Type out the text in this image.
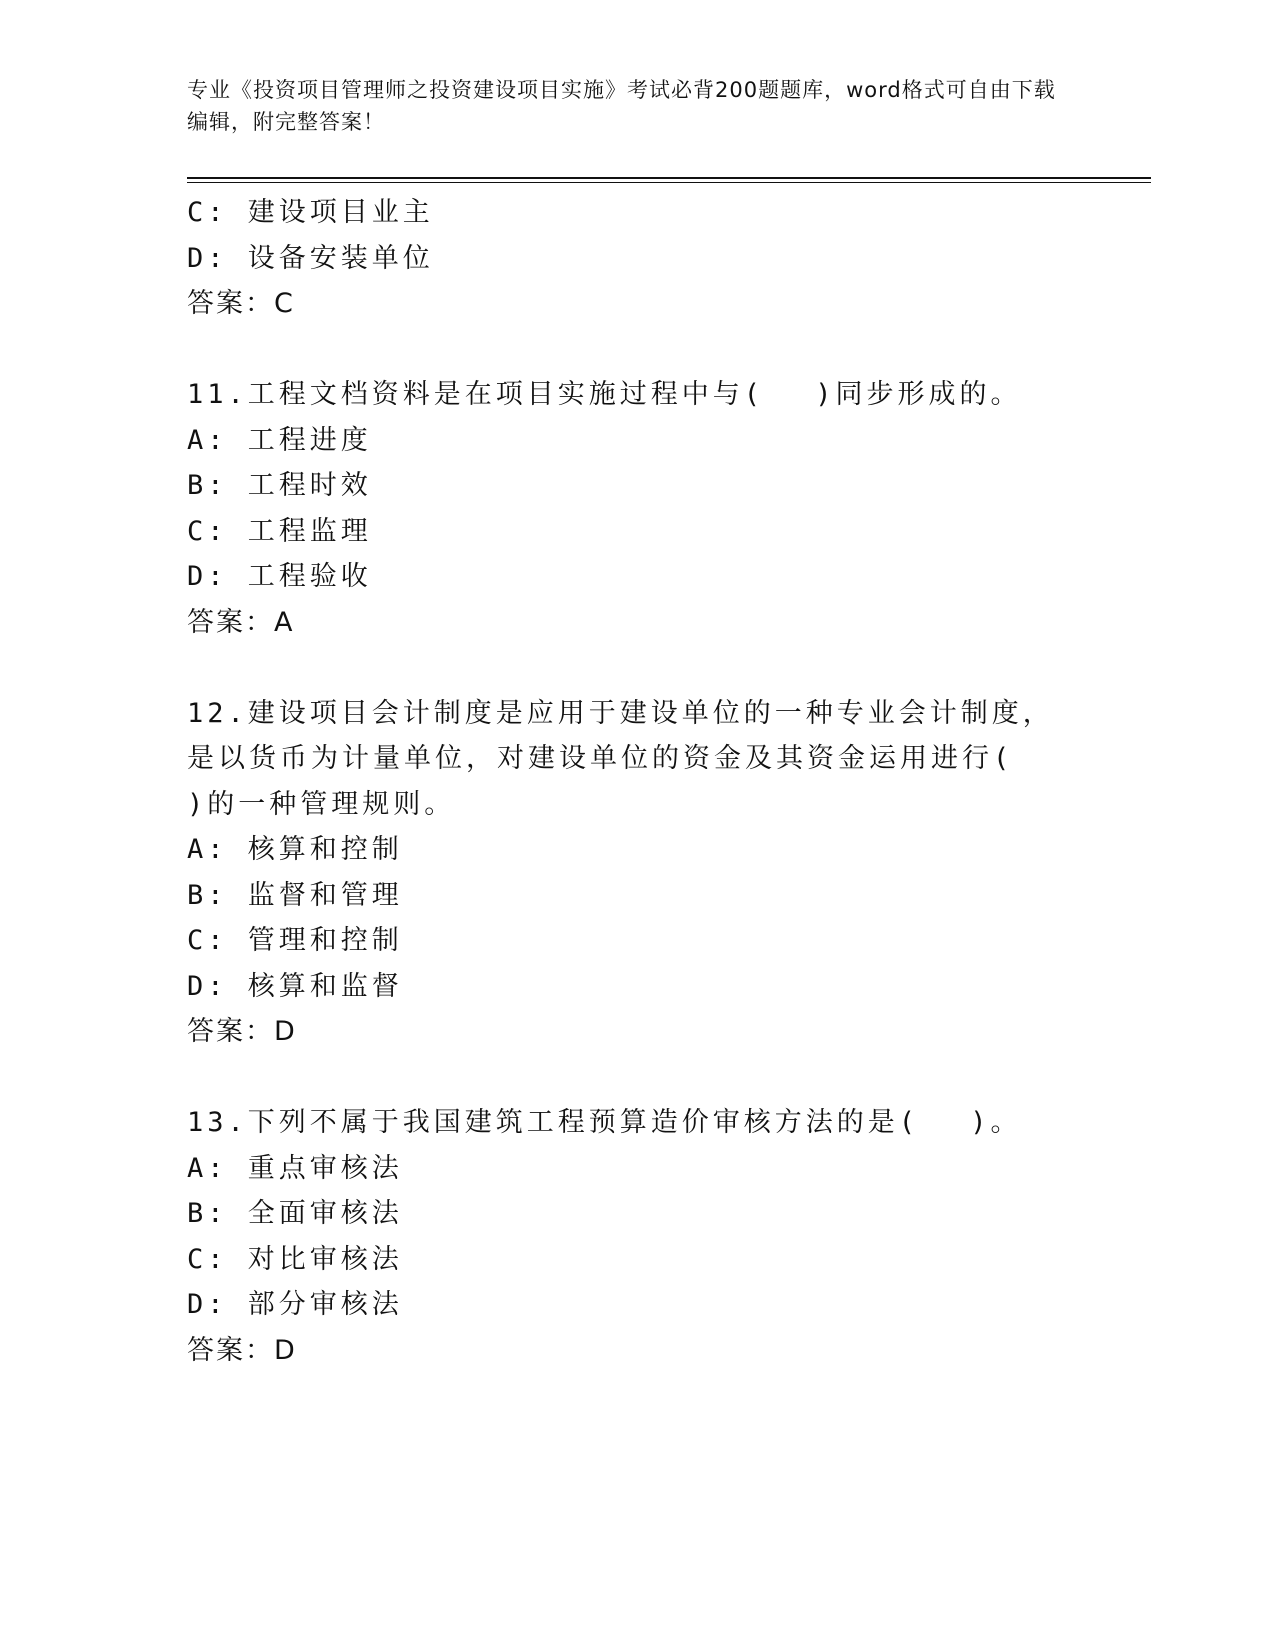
专业《投资项目管理师之投资建设项目实施》考试必背200题题库，word格式可自由下载编辑，附完整答案！
C: 建设项目业主
D: 设备安装单位
答案：C
11.工程文档资料是在项目实施过程中与(　 )同步形成的。
A: 工程进度
B: 工程时效
C: 工程监理
D: 工程验收
答案：A
12.建设项目会计制度是应用于建设单位的一种专业会计制度，是以货币为计量单位，对建设单位的资金及其资金运用进行(　 )的一种管理规则。
A: 核算和控制
B: 监督和管理
C: 管理和控制
D: 核算和监督
答案：D
13.下列不属于我国建筑工程预算造价审核方法的是(　 )。
A: 重点审核法
B: 全面审核法
C: 对比审核法
D: 部分审核法
答案：D
